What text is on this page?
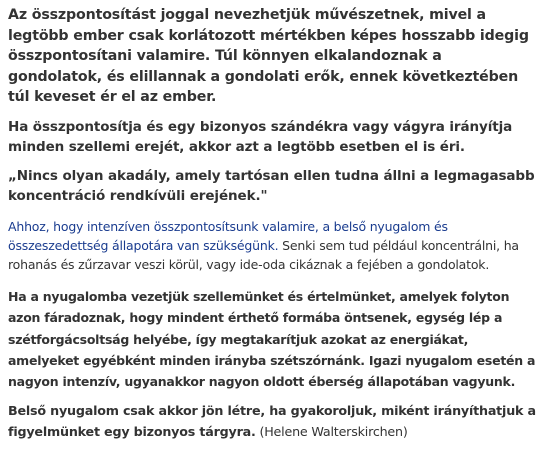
Az összpontosítást joggal nevezhetjük művészetnek, mivel a legtöbb ember csak korlátozott mértékben képes hosszabb idegig összpontosítani valamire. Túl könnyen elkalandoznak a gondolatok, és elillannak a gondolati erők, ennek következtében túl keveset ér el az ember.

Ha összpontosítja és egy bizonyos szándékra vagy vágyra irányítja minden szellemi erejét, akkor azt a legtöbb esetben el is éri.

„Nincs olyan akadály, amely tartósan ellen tudna állni a legmagasabb koncentráció rendkívüli erejének."

Ahhoz, hogy intenzíven összpontosítsunk valamire, a belső nyugalom és összeszedettség állapotára van szükségünk. Senki sem tud például koncentrálni, ha rohanás és zűrzavar veszi körül, vagy ide-oda cikáznak a fejében a gondolatok.

Ha a nyugalomba vezetjük szellemünket és értelmünket, amelyek folyton azon fáradoznak, hogy mindent érthető formába öntsenek, egység lép a szétforgácsoltság helyébe, így megtakarítjuk azokat az energiákat, amelyeket egyébként minden irányba szétszórnánk. Igazi nyugalom esetén a nagyon intenzív, ugyanakkor nagyon oldott éberség állapotában vagyunk.

Belső nyugalom csak akkor jön létre, ha gyakoroljuk, miként irányíthatjuk a figyelmünket egy bizonyos tárgyra. (Helene Walterskirchen)
